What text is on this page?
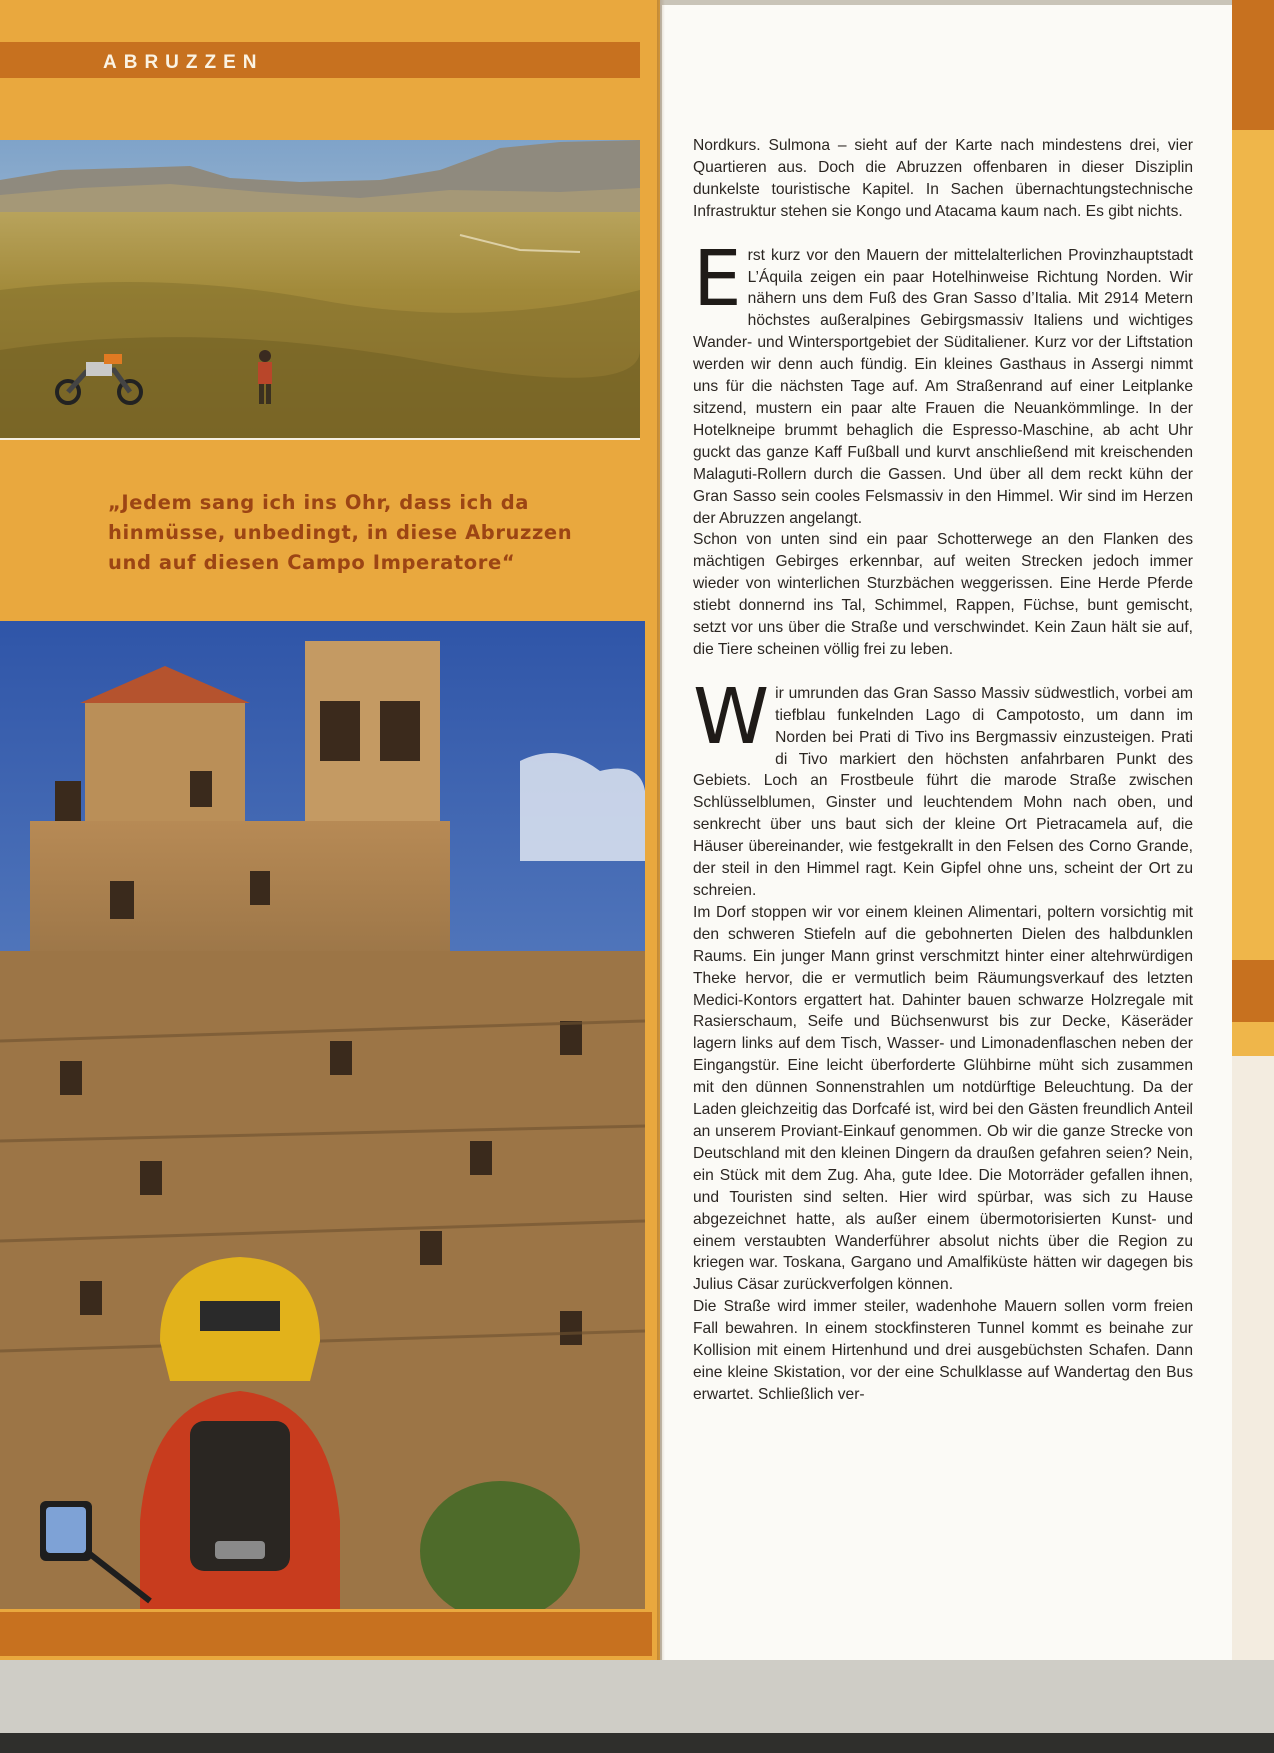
ABRUZZEN

„Jedem sang ich ins Ohr, dass ich da hinmüsse, unbedingt, in diese Abruzzen und auf diesen Campo Imperatore“

Nordkurs. Sulmona – sieht auf der Karte nach mindestens drei, vier Quartieren aus. Doch die Abruzzen offenbaren in dieser Disziplin dunkelste touristische Kapitel. In Sachen übernachtungstechnische Infrastruktur stehen sie Kongo und Atacama kaum nach. Es gibt nichts.

Erst kurz vor den Mauern der mittelalterlichen Provinzhauptstadt L’Áquila zeigen ein paar Hotelhinweise Richtung Norden. Wir nähern uns dem Fuß des Gran Sasso d’Italia. Mit 2914 Metern höchstes außeralpines Gebirgsmassiv Italiens und wichtiges Wander- und Wintersportgebiet der Süditaliener. Kurz vor der Liftstation werden wir denn auch fündig. Ein kleines Gasthaus in Assergi nimmt uns für die nächsten Tage auf. Am Straßenrand auf einer Leitplanke sitzend, mustern ein paar alte Frauen die Neuankömmlinge. In der Hotelkneipe brummt behaglich die Espresso-Maschine, ab acht Uhr guckt das ganze Kaff Fußball und kurvt anschließend mit kreischenden Malaguti-Rollern durch die Gassen. Und über all dem reckt kühn der Gran Sasso sein cooles Felsmassiv in den Himmel. Wir sind im Herzen der Abruzzen angelangt.

Schon von unten sind ein paar Schotterwege an den Flanken des mächtigen Gebirges erkennbar, auf weiten Strecken jedoch immer wieder von winterlichen Sturzbächen weggerissen. Eine Herde Pferde stiebt donnernd ins Tal, Schimmel, Rappen, Füchse, bunt gemischt, setzt vor uns über die Straße und verschwindet. Kein Zaun hält sie auf, die Tiere scheinen völlig frei zu leben.

Wir umrunden das Gran Sasso Massiv südwestlich, vorbei am tiefblau funkelnden Lago di Campotosto, um dann im Norden bei Prati di Tivo ins Bergmassiv einzusteigen. Prati di Tivo markiert den höchsten anfahrbaren Punkt des Gebiets. Loch an Frostbeule führt die marode Straße zwischen Schlüsselblumen, Ginster und leuchtendem Mohn nach oben, und senkrecht über uns baut sich der kleine Ort Pietracamela auf, die Häuser übereinander, wie festgekrallt in den Felsen des Corno Grande, der steil in den Himmel ragt. Kein Gipfel ohne uns, scheint der Ort zu schreien.

Im Dorf stoppen wir vor einem kleinen Alimentari, poltern vorsichtig mit den schweren Stiefeln auf die gebohnerten Dielen des halbdunklen Raums. Ein junger Mann grinst verschmitzt hinter einer altehrwürdigen Theke hervor, die er vermutlich beim Räumungsverkauf des letzten Medici-Kontors ergattert hat. Dahinter bauen schwarze Holzregale mit Rasierschaum, Seife und Büchsenwurst bis zur Decke, Käseräder lagern links auf dem Tisch, Wasser- und Limonadenflaschen neben der Eingangstür. Eine leicht überforderte Glühbirne müht sich zusammen mit den dünnen Sonnenstrahlen um notdürftige Beleuchtung. Da der Laden gleichzeitig das Dorfcafé ist, wird bei den Gästen freundlich Anteil an unserem Proviant-Einkauf genommen. Ob wir die ganze Strecke von Deutschland mit den kleinen Dingern da draußen gefahren seien? Nein, ein Stück mit dem Zug. Aha, gute Idee. Die Motorräder gefallen ihnen, und Touristen sind selten. Hier wird spürbar, was sich zu Hause abgezeichnet hatte, als außer einem übermotorisierten Kunst- und einem verstaubten Wanderführer absolut nichts über die Region zu kriegen war. Toskana, Gargano und Amalfiküste hätten wir dagegen bis Julius Cäsar zurückverfolgen können.

Die Straße wird immer steiler, wadenhohe Mauern sollen vorm freien Fall bewahren. In einem stockfinsteren Tunnel kommt es beinahe zur Kollision mit einem Hirtenhund und drei ausgebüchsten Schafen. Dann eine kleine Skistation, vor der eine Schulklasse auf Wandertag den Bus erwartet. Schließlich ver-
